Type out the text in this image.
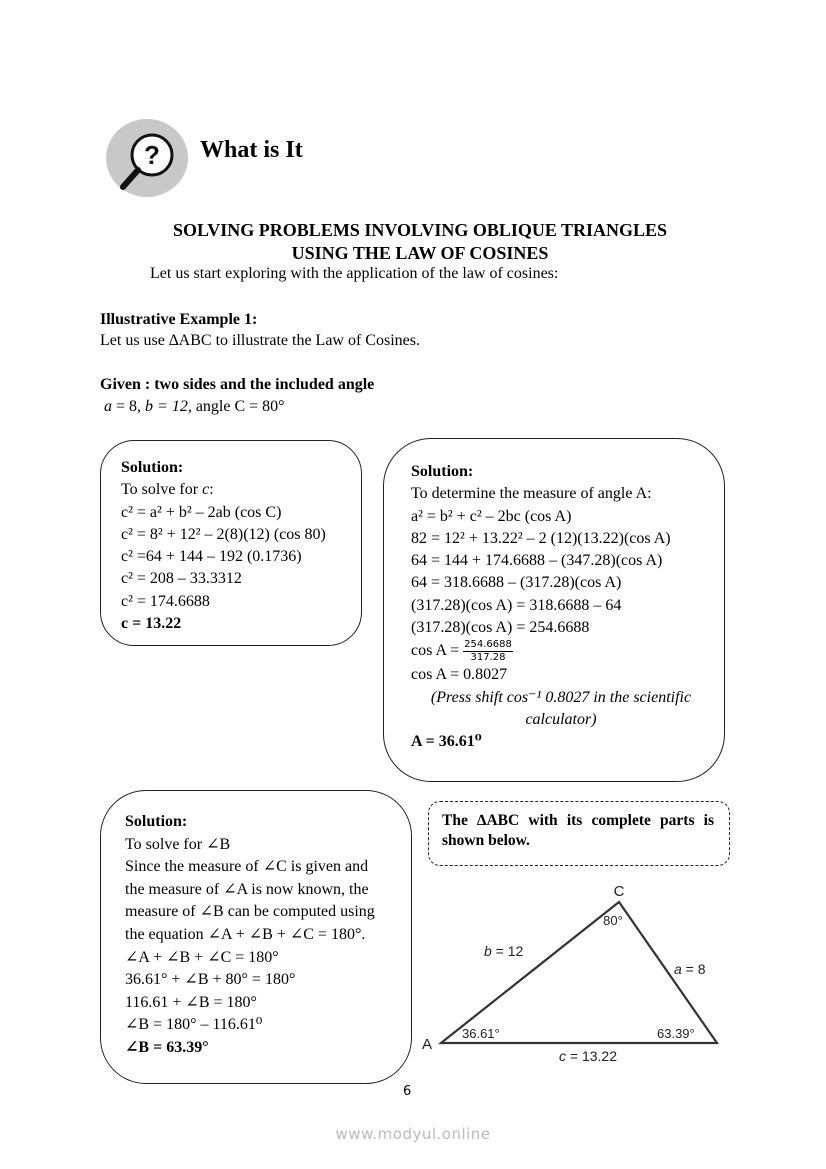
? What is It
SOLVING PROBLEMS INVOLVING OBLIQUE TRIANGLES
USING THE LAW OF COSINES
Let us start exploring with the application of the law of cosines:
Illustrative Example 1:
Let us use ∆ABC to illustrate the Law of Cosines.
Given : two sides and the included angle
a = 8, b = 12, angle C = 80°
Solution:
To solve for c:
c² = a² + b² – 2ab (cos C)
c² = 8² + 12² – 2(8)(12) (cos 80)
c² =64 + 144 – 192 (0.1736)
c² = 208 – 33.3312
c² = 174.6688
c = 13.22
Solution:
To determine the measure of angle A:
a² = b² + c² – 2bc (cos A)
82 = 12² + 13.22² – 2 (12)(13.22)(cos A)
64 = 144 + 174.6688 – (347.28)(cos A)
64 = 318.6688 – (317.28)(cos A)
(317.28)(cos A) = 318.6688 – 64
(317.28)(cos A) = 254.6688
$\cos A = \frac{254.6688}{317.28}$
cos A = 0.8027
(Press shift cos⁻¹ 0.8027 in the scientific calculator)
A = 36.61⁰
Solution:
To solve for ∠B
Since the measure of ∠C is given and
the measure of ∠A is now known, the
measure of ∠B can be computed using
the equation ∠A + ∠B + ∠C = 180°.
∠A + ∠B + ∠C = 180°
36.61° + ∠B + 80° = 180°
116.61 + ∠B = 180°
∠B = 180° – 116.61⁰
∠B = 63.39°
The ∆ABC with its complete parts is shown below.
C
A
80°
36.61°	63.39°
b = 12
a = 8
c = 13.22
6
www.modyul.online
